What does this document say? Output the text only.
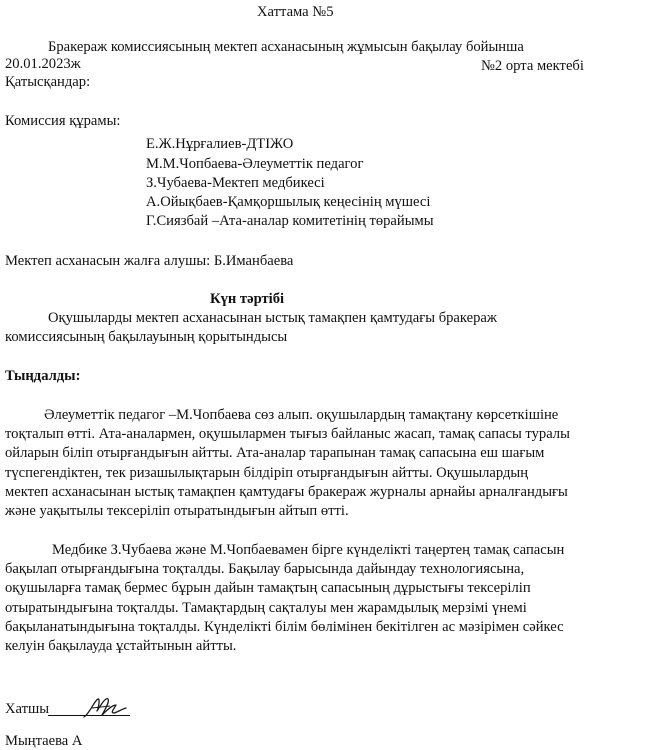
Хаттама №5
Бракераж комиссиясының мектеп асханасының жұмысын бақылау бойынша
20.01.2023ж	№2 орта мектебі
Қатысқандар:
Комиссия құрамы:
Е.Ж.Нұрғалиев-ДТІЖО
М.М.Чопбаева-Әлеуметтік педагог
З.Чубаева-Мектеп медбикесі
А.Ойықбаев-Қамқоршылық кеңесінің мүшесі
Г.Сиязбай –Ата-аналар комитетінің төрайымы
Мектеп асханасын жалға алушы: Б.Иманбаева
Күн тәртібі
Оқушыларды мектеп асханасынан ыстық тамақпен қамтудағы бракераж
комиссиясының бақылауының қорытындысы
Тыңдалды:
Әлеуметтік педагог –М.Чопбаева сөз алып. оқушылардың тамақтану көрсеткішіне
тоқталып өтті. Ата-аналармен, оқушылармен тығыз байланыс жасап, тамақ сапасы туралы
ойларын біліп отырғандығын айтты. Ата-аналар тарапынан тамақ сапасына еш шағым
түспегендіктен, тек ризашылықтарын білдіріп отырғандығын айтты. Оқушылардың
мектеп асханасынан ыстық тамақпен қамтудағы бракераж журналы арнайы арналғандығы
және уақытылы тексеріліп отыратындығын айтып өтті.
Медбике З.Чубаева және М.Чопбаевамен бірге күнделікті таңертең тамақ сапасын
бақылап отырғандығына тоқталды. Бақылау барысында дайындау технологиясына,
оқушыларға тамақ бермес бұрын дайын тамақтың сапасының дұрыстығы тексеріліп
отыратындығына тоқталды. Тамақтардың сақталуы мен жарамдылық мерзімі үнемі
бақыланатындығына тоқталды. Күнделікті білім бөлімінен бекітілген ас мәзірімен сәйкес
келуін бақылауда ұстайтынын айтты.
Хатшы
Мыңтаева А
